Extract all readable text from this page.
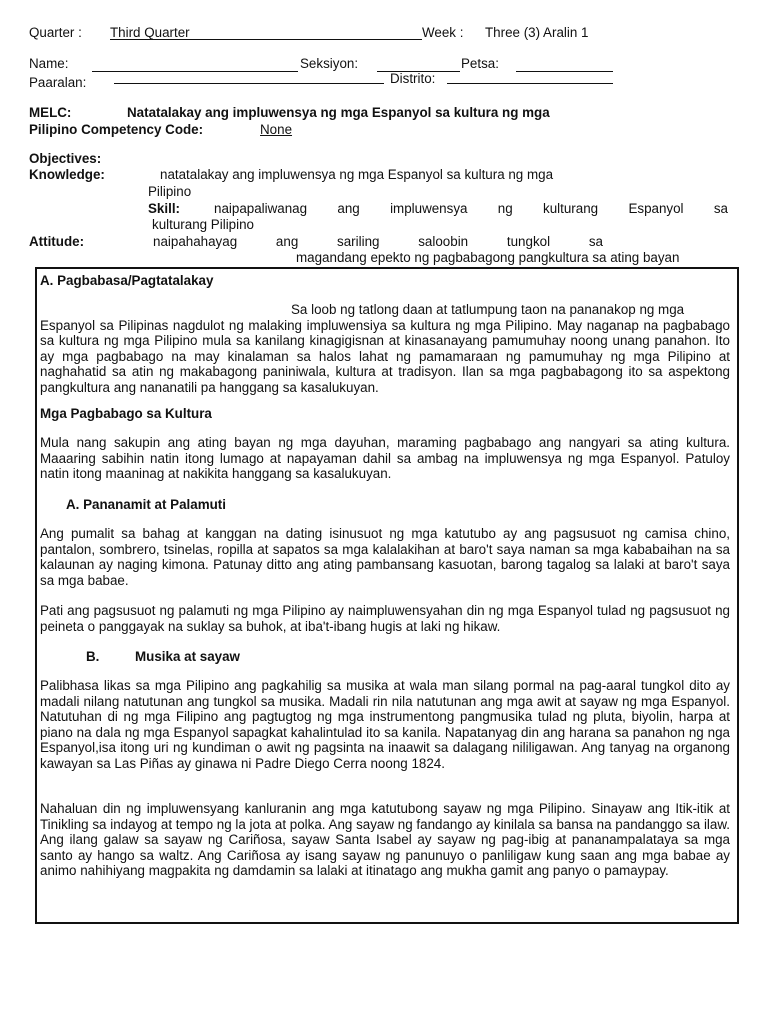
Quarter : Third Quarter	Week : Three (3) Aralin 1
Name:	Seksiyon:	Petsa:
Paaralan:	Distrito:
MELC:	Natatalakay ang impluwensya ng mga Espanyol sa kultura ng mga
Pilipino Competency Code:	None
Objectives:
Knowledge:	natatalakay ang impluwensya ng mga Espanyol sa kultura ng mga
Pilipino
Skill:	naipapaliwanag ang impluwensya ng kulturang Espanyol sa
kulturang Pilipino
Attitude:	naipahahayag ang sariling saloobin tungkol sa
magandang epekto ng pagbabagong pangkultura sa ating bayan
A. Pagbabasa/Pagtatalakay
Sa loob ng tatlong daan at tatlumpung taon na pananakop ng mga
Espanyol sa Pilipinas nagdulot ng malaking impluwensiya sa kultura ng mga Pilipino. May naganap na pagbabago sa kultura ng mga Pilipino mula sa kanilang kinagigisnan at kinasanayang pamumuhay noong unang panahon. Ito ay mga pagbabago na may kinalaman sa halos lahat ng pamamaraan ng pamumuhay ng mga Pilipino at naghahatid sa atin ng makabagong paniniwala, kultura at tradisyon. Ilan sa mga pagbabagong ito sa aspektong pangkultura ang nananatili pa hanggang sa kasalukuyan.
Mga Pagbabago sa Kultura
Mula nang sakupin ang ating bayan ng mga dayuhan, maraming pagbabago ang nangyari sa ating kultura. Maaaring sabihin natin itong lumago at napayaman dahil sa ambag na impluwensya ng mga Espanyol. Patuloy natin itong maaninag at nakikita hanggang sa kasalukuyan.
A. Pananamit at Palamuti
Ang pumalit sa bahag at kanggan na dating isinusuot ng mga katutubo ay ang pagsusuot ng camisa chino, pantalon, sombrero, tsinelas, ropilla at sapatos sa mga kalalakihan at baro't saya naman sa mga kababaihan na sa kalaunan ay naging kimona. Patunay ditto ang ating pambansang kasuotan, barong tagalog sa lalaki at baro't saya sa mga babae.
Pati ang pagsusuot ng palamuti ng mga Pilipino ay naimpluwensyahan din ng mga Espanyol tulad ng pagsusuot ng peineta o panggayak na suklay sa buhok, at iba't-ibang hugis at laki ng hikaw.
B.	Musika at sayaw
Palibhasa likas sa mga Pilipino ang pagkahilig sa musika at wala man silang pormal na pag-aaral tungkol dito ay madali nilang natutunan ang tungkol sa musika. Madali rin nila natutunan ang mga awit at sayaw ng mga Espanyol. Natutuhan di ng mga Filipino ang pagtugtog ng mga instrumentong pangmusika tulad ng pluta, biyolin, harpa at piano na dala ng mga Espanyol sapagkat kahalintulad ito sa kanila. Napatanyag din ang harana sa panahon ng nga Espanyol,isa itong uri ng kundiman o awit ng pagsinta na inaawit sa dalagang nililigawan. Ang tanyag na organong kawayan sa Las Piñas ay ginawa ni Padre Diego Cerra noong 1824.
Nahaluan din ng impluwensyang kanluranin ang mga katutubong sayaw ng mga Pilipino. Sinayaw ang Itik-itik at Tinikling sa indayog at tempo ng la jota at polka. Ang sayaw ng fandango ay kinilala sa bansa na pandanggo sa ilaw. Ang ilang galaw sa sayaw ng Cariñosa, sayaw Santa Isabel ay sayaw ng pag-ibig at pananampalataya sa mga santo ay hango sa waltz. Ang Cariñosa ay isang sayaw ng panunuyo o panliligaw kung saan ang mga babae ay animo nahihiyang magpakita ng damdamin sa lalaki at itinatago ang mukha gamit ang panyo o pamaypay.
